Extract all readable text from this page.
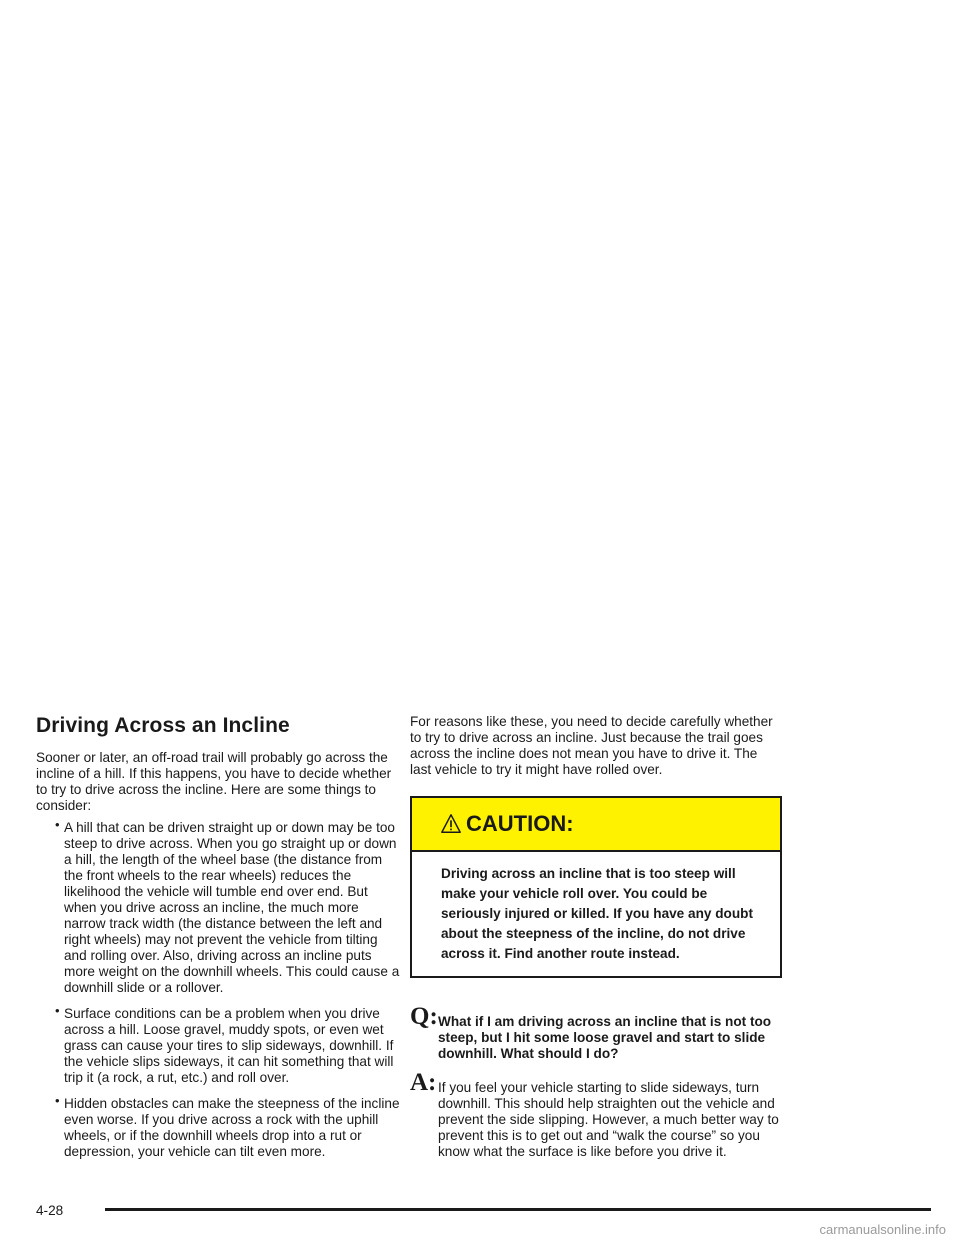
Driving Across an Incline

Sooner or later, an off-road trail will probably go across the incline of a hill. If this happens, you have to decide whether to try to drive across the incline. Here are some things to consider:

• A hill that can be driven straight up or down may be too steep to drive across. When you go straight up or down a hill, the length of the wheel base (the distance from the front wheels to the rear wheels) reduces the likelihood the vehicle will tumble end over end. But when you drive across an incline, the much more narrow track width (the distance between the left and right wheels) may not prevent the vehicle from tilting and rolling over. Also, driving across an incline puts more weight on the downhill wheels. This could cause a downhill slide or a rollover.
• Surface conditions can be a problem when you drive across a hill. Loose gravel, muddy spots, or even wet grass can cause your tires to slip sideways, downhill. If the vehicle slips sideways, it can hit something that will trip it (a rock, a rut, etc.) and roll over.
• Hidden obstacles can make the steepness of the incline even worse. If you drive across a rock with the uphill wheels, or if the downhill wheels drop into a rut or depression, your vehicle can tilt even more.

For reasons like these, you need to decide carefully whether to try to drive across an incline. Just because the trail goes across the incline does not mean you have to drive it. The last vehicle to try it might have rolled over.

CAUTION:
Driving across an incline that is too steep will make your vehicle roll over. You could be seriously injured or killed. If you have any doubt about the steepness of the incline, do not drive across it. Find another route instead.
Q: What if I am driving across an incline that is not too steep, but I hit some loose gravel and start to slide downhill. What should I do?
A: If you feel your vehicle starting to slide sideways, turn downhill. This should help straighten out the vehicle and prevent the side slipping. However, a much better way to prevent this is to get out and “walk the course” so you know what the surface is like before you drive it.
4-28
carmanualsonline.info
